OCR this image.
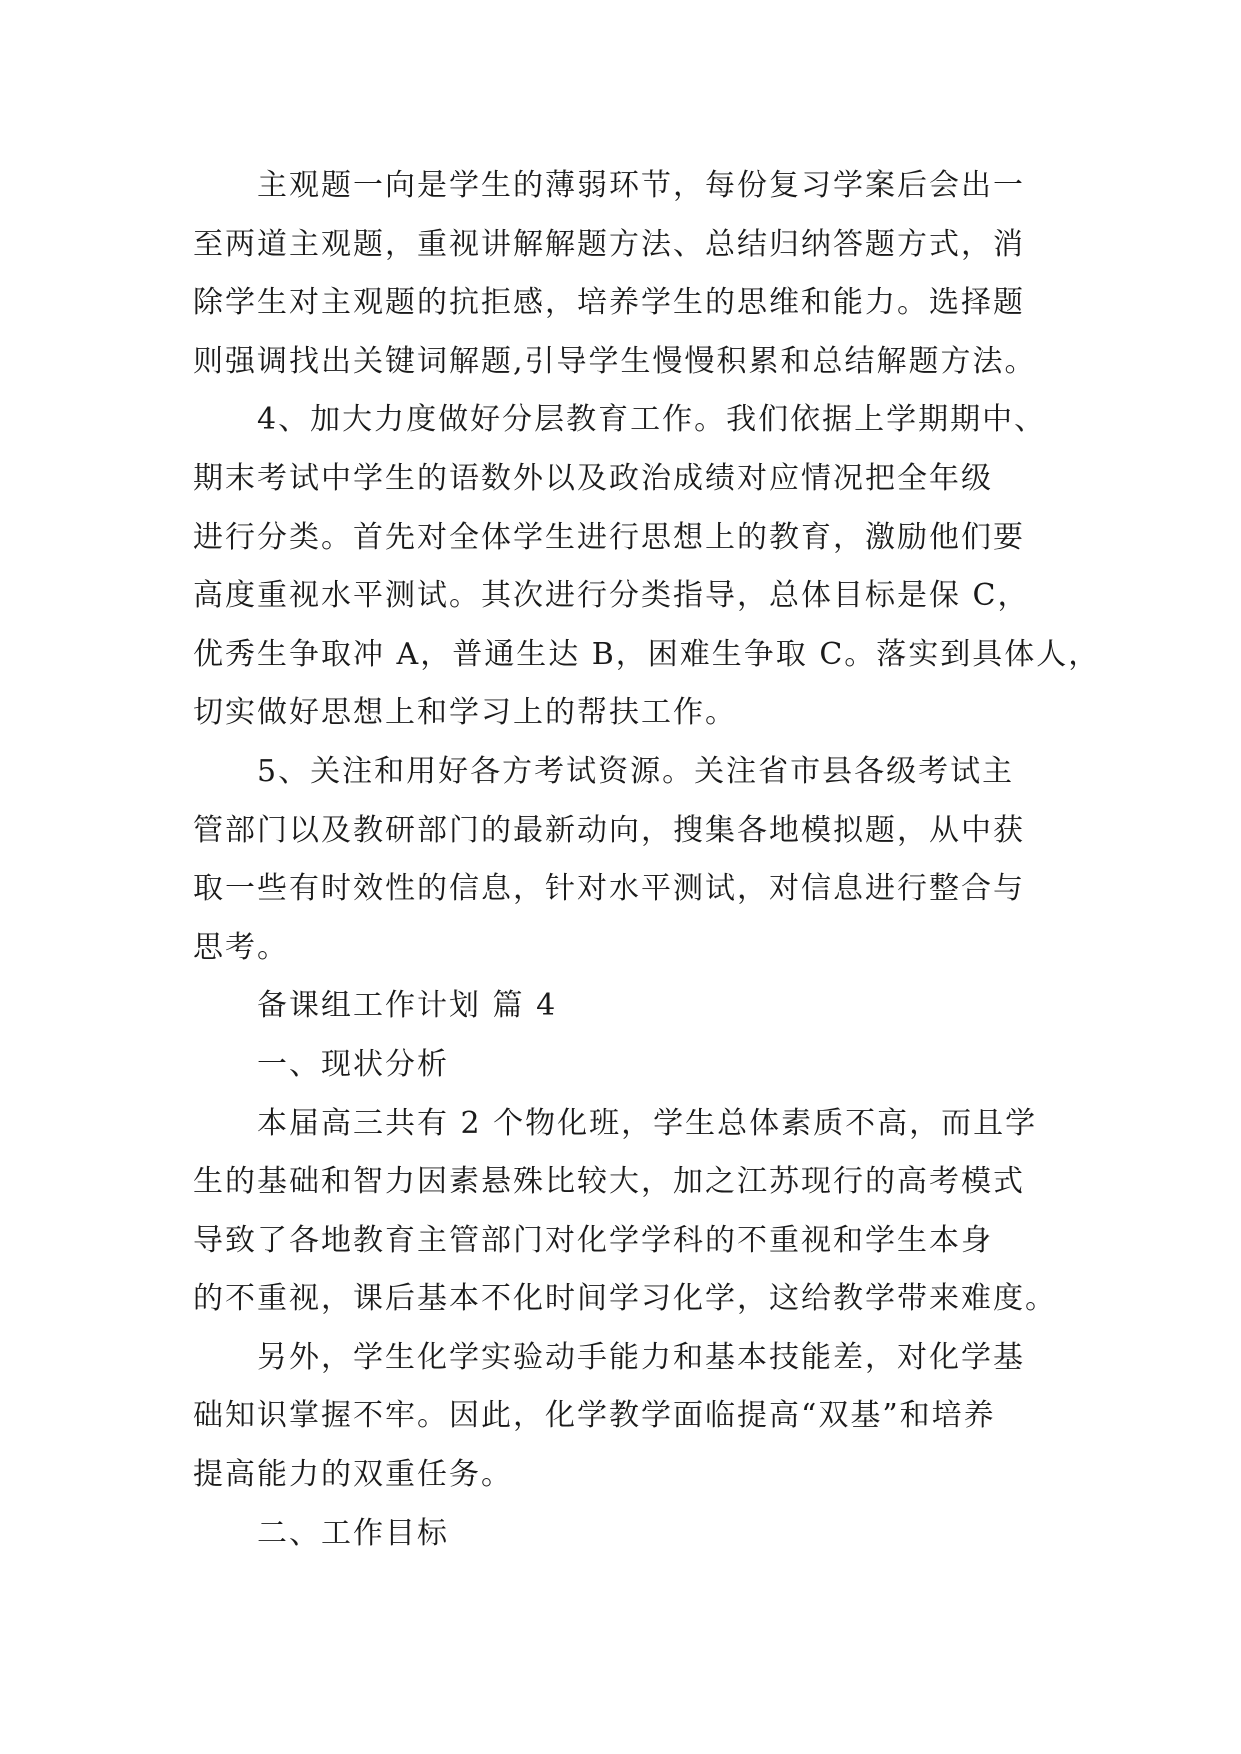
主观题一向是学生的薄弱环节，每份复习学案后会出一
至两道主观题，重视讲解解题方法、总结归纳答题方式，消
除学生对主观题的抗拒感，培养学生的思维和能力。选择题
则强调找出关键词解题,引导学生慢慢积累和总结解题方法。
4、加大力度做好分层教育工作。我们依据上学期期中、
期末考试中学生的语数外以及政治成绩对应情况把全年级
进行分类。首先对全体学生进行思想上的教育，激励他们要
高度重视水平测试。其次进行分类指导，总体目标是保 C，
优秀生争取冲 A，普通生达 B，困难生争取 C。落实到具体人，
切实做好思想上和学习上的帮扶工作。
5、关注和用好各方考试资源。关注省市县各级考试主
管部门以及教研部门的最新动向，搜集各地模拟题，从中获
取一些有时效性的信息，针对水平测试，对信息进行整合与
思考。
备课组工作计划 篇 4
一、现状分析
本届高三共有 2 个物化班，学生总体素质不高，而且学
生的基础和智力因素悬殊比较大，加之江苏现行的高考模式
导致了各地教育主管部门对化学学科的不重视和学生本身
的不重视，课后基本不化时间学习化学，这给教学带来难度。
另外，学生化学实验动手能力和基本技能差，对化学基
础知识掌握不牢。因此，化学教学面临提高“双基”和培养
提高能力的双重任务。
二、工作目标
